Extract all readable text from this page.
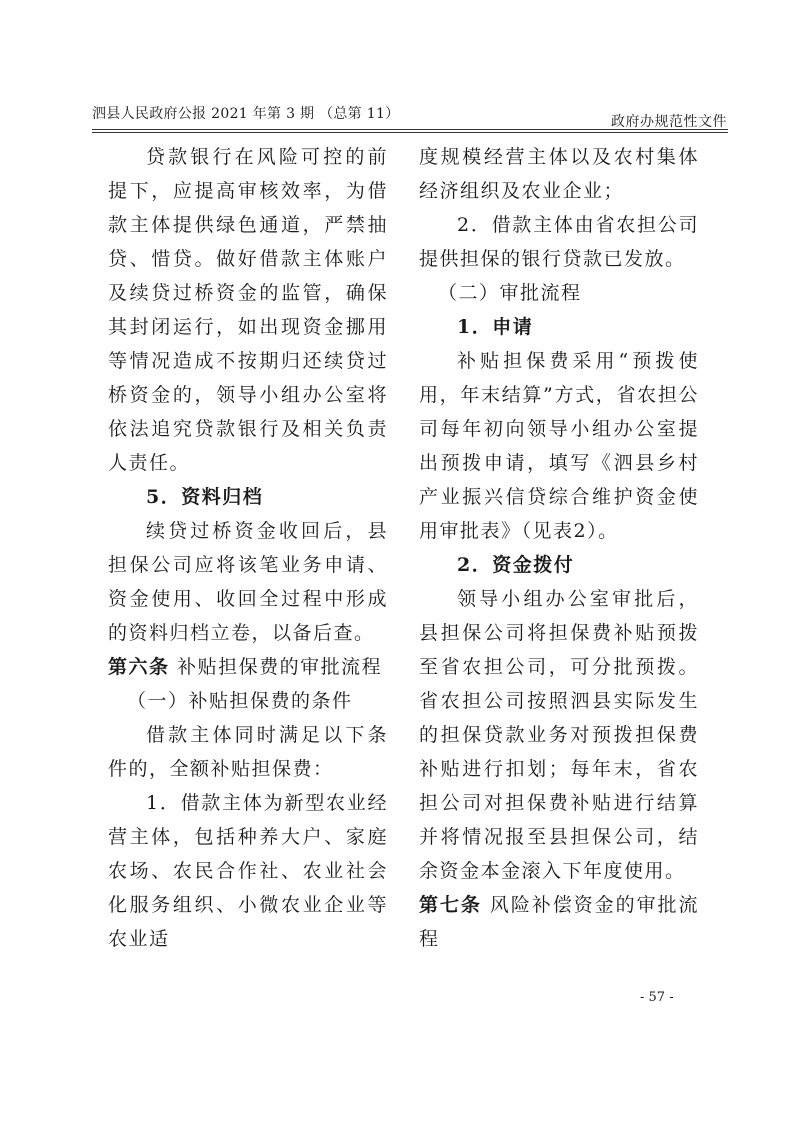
泗县人民政府公报 2021 年第 3 期 （总第 11）	政府办规范性文件

贷款银行在风险可控的前提下，应提高审核效率，为借款主体提供绿色通道，严禁抽贷、惜贷。做好借款主体账户及续贷过桥资金的监管，确保其封闭运行，如出现资金挪用等情况造成不按期归还续贷过桥资金的，领导小组办公室将依法追究贷款银行及相关负责人责任。

5．资料归档

续贷过桥资金收回后，县担保公司应将该笔业务申请、资金使用、收回全过程中形成的资料归档立卷，以备后查。

第六条 补贴担保费的审批流程

（一）补贴担保费的条件

借款主体同时满足以下条件的，全额补贴担保费：

1．借款主体为新型农业经营主体，包括种养大户、家庭农场、农民合作社、农业社会化服务组织、小微农业企业等农业适

度规模经营主体以及农村集体经济组织及农业企业；

2．借款主体由省农担公司提供担保的银行贷款已发放。

（二）审批流程

1．申请

补贴担保费采用“预拨使用，年末结算”方式，省农担公司每年初向领导小组办公室提出预拨申请，填写《泗县乡村产业振兴信贷综合维护资金使用审批表》（见表2）。

2．资金拨付

领导小组办公室审批后，县担保公司将担保费补贴预拨至省农担公司，可分批预拨。省农担公司按照泗县实际发生的担保贷款业务对预拨担保费补贴进行扣划；每年末，省农担公司对担保费补贴进行结算并将情况报至县担保公司，结余资金本金滚入下年度使用。

第七条 风险补偿资金的审批流程

- 57 -
